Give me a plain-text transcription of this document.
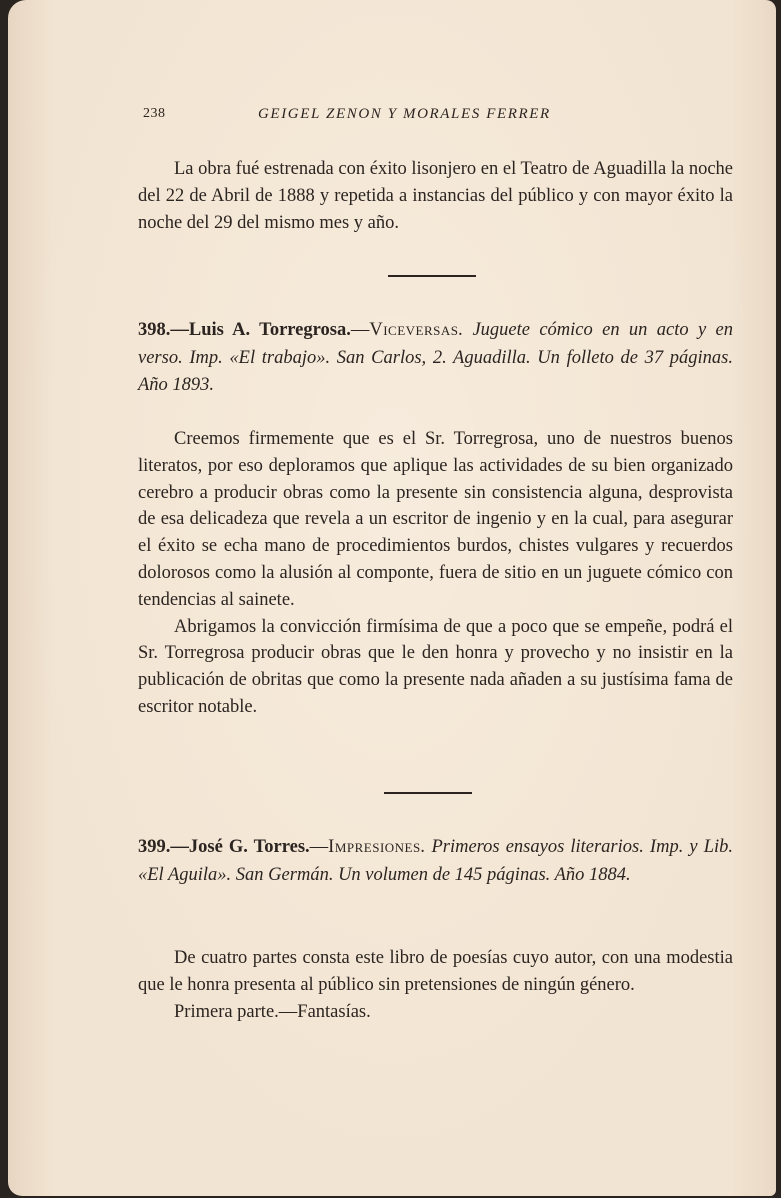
238	GEIGEL ZENON Y MORALES FERRER

La obra fué estrenada con éxito lisonjero en el Teatro de Aguadilla la noche del 22 de Abril de 1888 y repetida a instancias del público y con mayor éxito la noche del 29 del mismo mes y año.

398.—Luis A. Torregrosa.—Viceversas. Juguete cómico en un acto y en verso. Imp. «El trabajo». San Carlos, 2. Aguadilla. Un folleto de 37 páginas. Año 1893.

Creemos firmemente que es el Sr. Torregrosa, uno de nuestros buenos literatos, por eso deploramos que aplique las actividades de su bien organizado cerebro a producir obras como la presente sin consistencia alguna, desprovista de esa delicadeza que revela a un escritor de ingenio y en la cual, para asegurar el éxito se echa mano de procedimientos burdos, chistes vulgares y recuerdos dolorosos como la alusión al componte, fuera de sitio en un juguete cómico con tendencias al sainete.

Abrigamos la convicción firmísima de que a poco que se empeñe, podrá el Sr. Torregrosa producir obras que le den honra y provecho y no insistir en la publicación de obritas que como la presente nada añaden a su justísima fama de escritor notable.

399.—José G. Torres.—Impresiones. Primeros ensayos literarios. Imp. y Lib. «El Aguila». San Germán. Un volumen de 145 páginas. Año 1884.

De cuatro partes consta este libro de poesías cuyo autor, con una modestia que le honra presenta al público sin pretensiones de ningún género.

Primera parte.—Fantasías.
